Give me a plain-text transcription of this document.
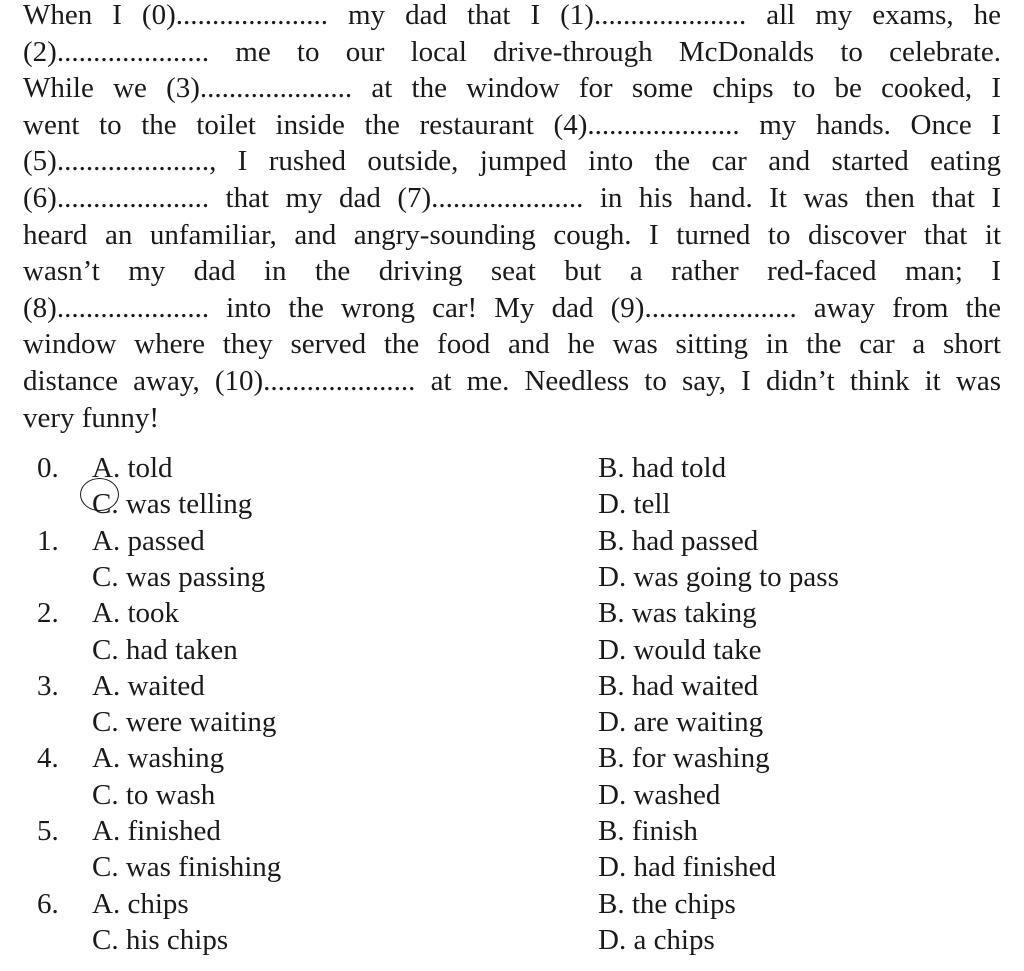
When I (0)..................... my dad that I (1)..................... all my exams, he
(2)..................... me to our local drive-through McDonalds to celebrate.
While we (3)..................... at the window for some chips to be cooked, I
went to the toilet inside the restaurant (4)..................... my hands. Once I
(5)....................., I rushed outside, jumped into the car and started eating
(6)..................... that my dad (7)..................... in his hand. It was then that I
heard an unfamiliar, and angry-sounding cough. I turned to discover that it
wasn’t my dad in the driving seat but a rather red-faced man; I
(8)..................... into the wrong car! My dad (9)..................... away from the
window where they served the food and he was sitting in the car a short
distance away, (10)..................... at me. Needless to say, I didn’t think it was
very funny!
0. A. told	B. had told
C. was telling	D. tell
1. A. passed	B. had passed
C. was passing	D. was going to pass
2. A. took	B. was taking
C. had taken	D. would take
3. A. waited	B. had waited
C. were waiting	D. are waiting
4. A. washing	B. for washing
C. to wash	D. washed
5. A. finished	B. finish
C. was finishing	D. had finished
6. A. chips	B. the chips
C. his chips	D. a chips
